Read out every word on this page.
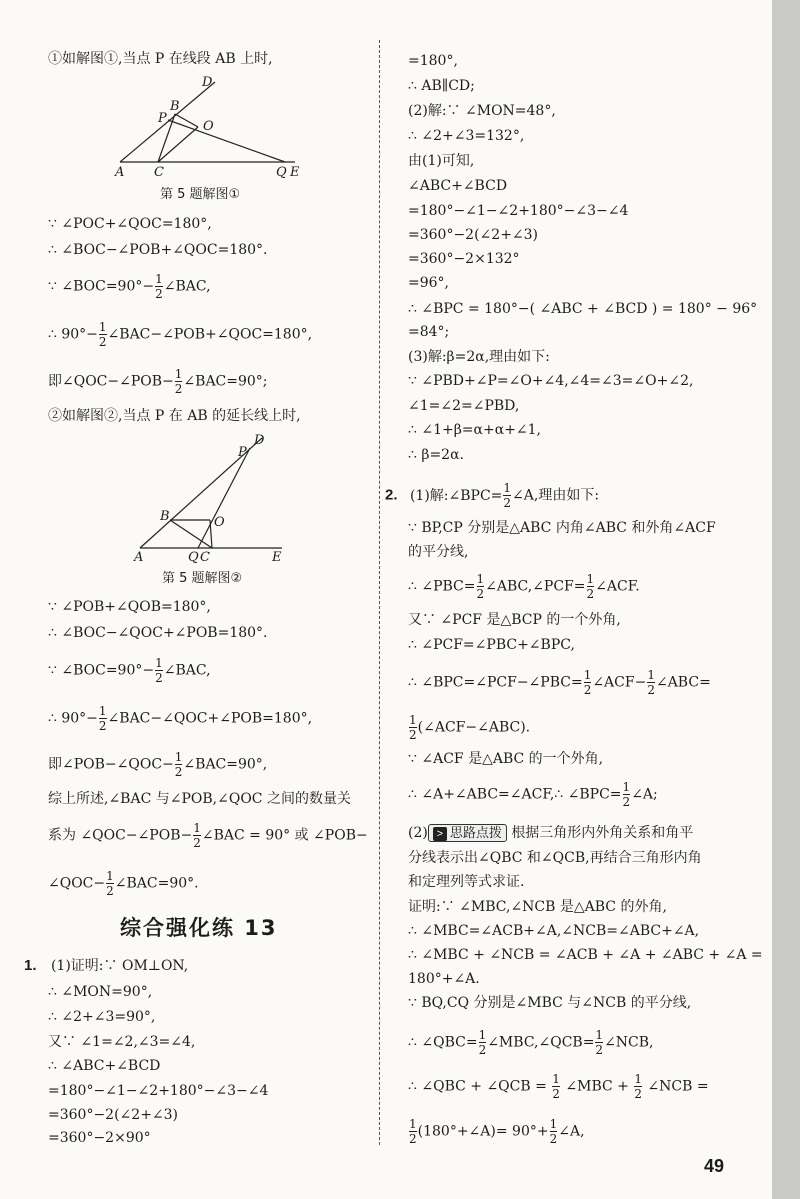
①如解图①,当点 P 在线段 AB 上时,
D
B
P
O
A C	Q E
第 5 题解图①
∵ ∠POC+∠QOC=180°,
∴ ∠BOC−∠POB+∠QOC=180°.
∵ ∠BOC=90°− $\frac{1}{2}$ ∠BAC,
∴ $90^\circ- \frac{1}{2}$ ∠BAC−∠POB+∠QOC=180°,
即∠QOC−∠POB− $\frac{1}{2}$ ∠BAC=90°;
②如解图②,当点 P 在 AB 的延长线上时,
D
P
B	O
A	Q C	E
第 5 题解图②
∵ ∠POB+∠QOB=180°,
∴ ∠BOC−∠QOC+∠POB=180°.
∵ ∠BOC=90°− $\frac{1}{2}$ ∠BAC,
∴ $90^\circ- \frac{1}{2}$ ∠BAC−∠QOC+∠POB=180°,
即∠POB−∠QOC− $\frac{1}{2}$ ∠BAC=90°,
综上所述,∠BAC 与∠POB,∠QOC 之间的数量关
系为 ∠QOC−∠POB− $\frac{1}{2}$ ∠BAC = 90° 或 ∠POB−
∠QOC− $\frac{1}{2}$ ∠BAC=90°.
综合强化练 13
1. (1)证明:∵ OM⊥ON,
∴ ∠MON=90°,
∴ ∠2+∠3=90°,
又∵ ∠1=∠2,∠3=∠4,
∴ ∠ABC+∠BCD
=180°−∠1−∠2+180°−∠3−∠4
=360°−2(∠2+∠3)
=360°−2×90°
=180°,
∴ AB∥CD;
(2)解:∵ ∠MON=48°,
∴ ∠2+∠3=132°,
由(1)可知,
∠ABC+∠BCD
=180°−∠1−∠2+180°−∠3−∠4
=360°−2(∠2+∠3)
=360°−2×132°
=96°,
∴ ∠BPC = 180°−( ∠ABC + ∠BCD ) = 180° − 96°
=84°;
(3)解:β=2α,理由如下:
∵ ∠PBD+∠P=∠O+∠4,∠4=∠3=∠O+∠2,
∠1=∠2=∠PBD,
∴ ∠1+β=α+α+∠1,
∴ β=2α.
2. (1)解:∠BPC= $\frac{1}{2}$ ∠A,理由如下:
∵ BP,CP 分别是△ABC 内角∠ABC 和外角∠ACF
的平分线,
∴ ∠PBC= $\frac{1}{2}$ ∠ABC,∠PCF= $\frac{1}{2}$ ∠ACF.
又∵ ∠PCF 是△BCP 的一个外角,
∴ ∠PCF=∠PBC+∠BPC,
∴ ∠BPC=∠PCF−∠PBC= $\frac{1}{2}$ ∠ACF− $\frac{1}{2}$ ∠ABC=
$\frac{1}{2}$ (∠ACF−∠ABC).
∵ ∠ACF 是△ABC 的一个外角,
∴ ∠A+∠ABC=∠ACF,∴ ∠BPC= $\frac{1}{2}$ ∠A;
(2) > 思路点拨 根据三角形内外角关系和角平
分线表示出∠QBC 和∠QCB,再结合三角形内角
和定理列等式求证.
证明:∵ ∠MBC,∠NCB 是△ABC 的外角,
∴ ∠MBC=∠ACB+∠A,∠NCB=∠ABC+∠A,
∴ ∠MBC + ∠NCB = ∠ACB + ∠A + ∠ABC + ∠A =
180°+∠A.
∵ BQ,CQ 分别是∠MBC 与∠NCB 的平分线,
∴ ∠QBC= $\frac{1}{2}$ ∠MBC,∠QCB= $\frac{1}{2}$ ∠NCB,
∴ ∠QBC + ∠QCB = $\frac{1}{2}$ ∠MBC + $\frac{1}{2}$ ∠NCB =
$\frac{1}{2}$ (180°+∠A)= $90^\circ+ \frac{1}{2}$ ∠A,
49
